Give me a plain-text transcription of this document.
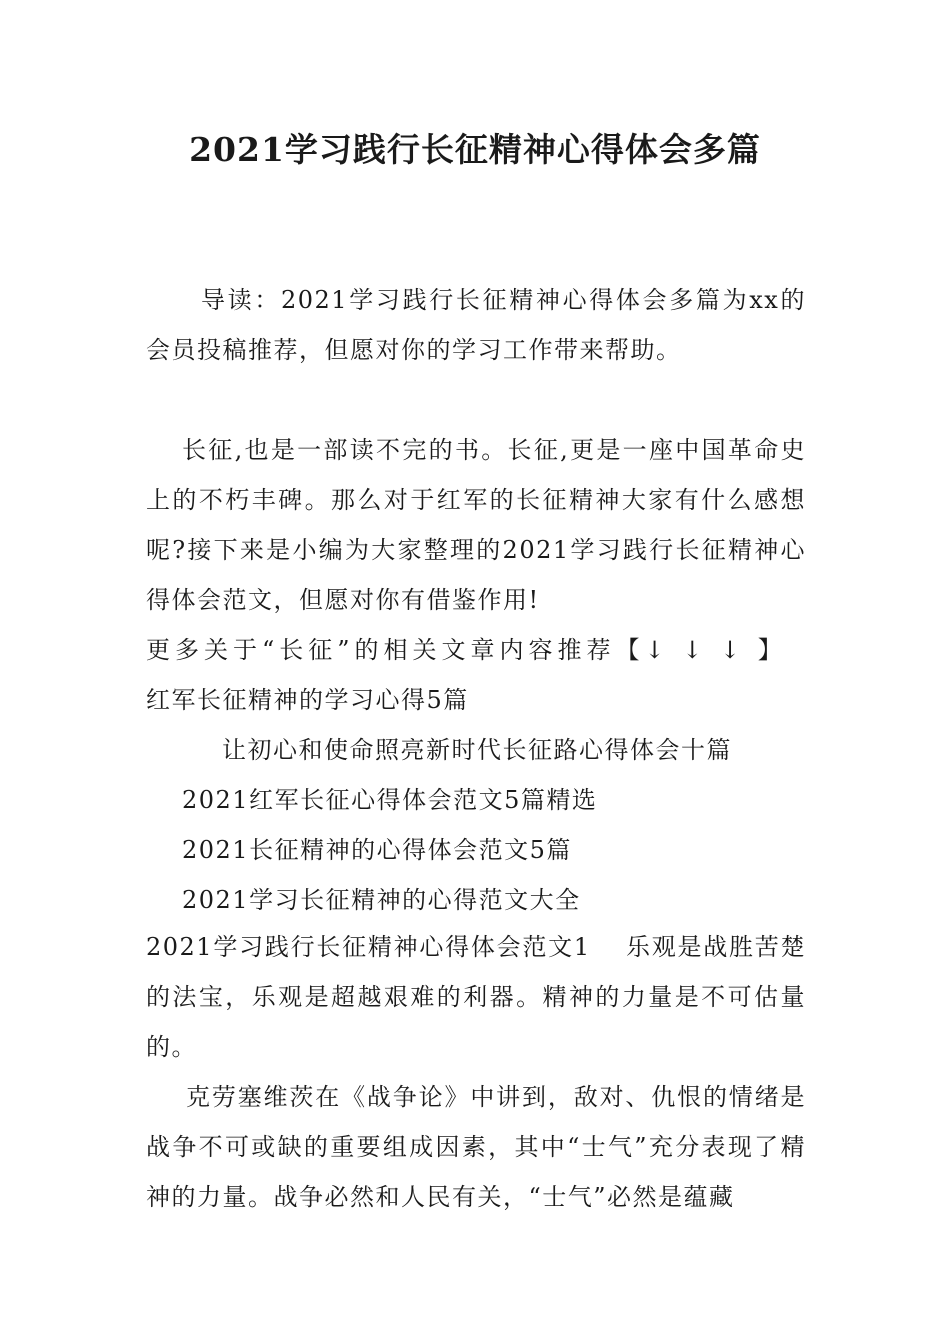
2021学习践行长征精神心得体会多篇

导读：2021学习践行长征精神心得体会多篇为xx的会员投稿推荐，但愿对你的学习工作带来帮助。

长征,也是一部读不完的书。长征,更是一座中国革命史上的不朽丰碑。那么对于红军的长征精神大家有什么感想呢?接下来是小编为大家整理的2021学习践行长征精神心得体会范文，但愿对你有借鉴作用!

更多关于“长征”的相关文章内容推荐【↓ ↓ ↓ 】
红军长征精神的学习心得5篇
让初心和使命照亮新时代长征路心得体会十篇
2021红军长征心得体会范文5篇精选
2021长征精神的心得体会范文5篇
2021学习长征精神的心得范文大全

2021学习践行长征精神心得体会范文1　 乐观是战胜苦楚的法宝，乐观是超越艰难的利器。精神的力量是不可估量的。

克劳塞维茨在《战争论》中讲到，敌对、仇恨的情绪是战争不可或缺的重要组成因素，其中“士气”充分表现了精神的力量。战争必然和人民有关，“士气”必然是蕴藏
